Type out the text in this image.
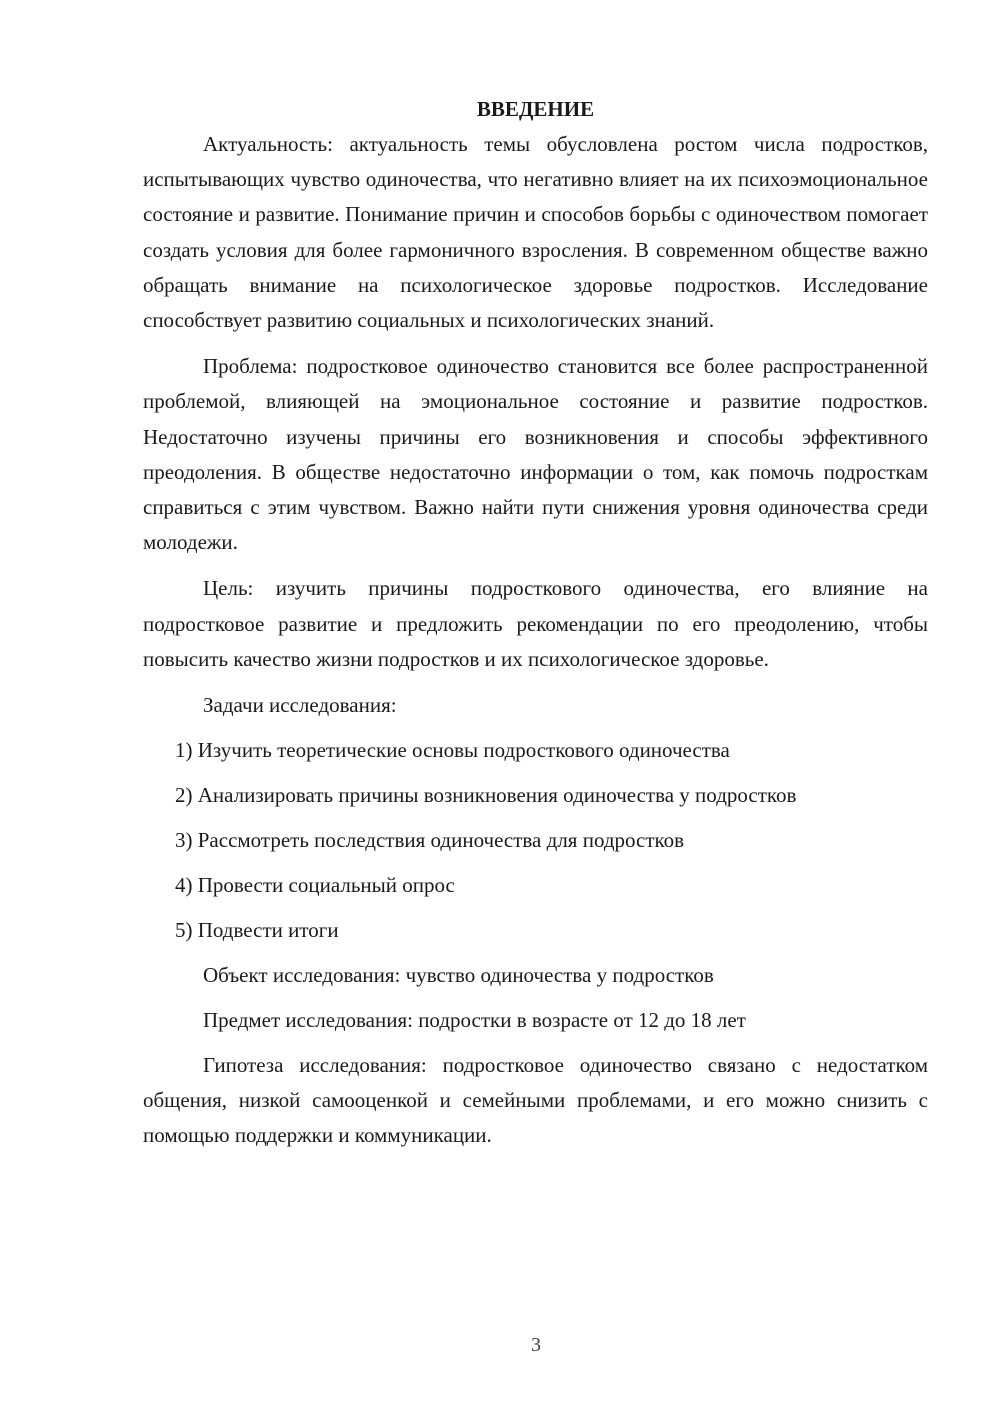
ВВЕДЕНИЕ

Актуальность: актуальность темы обусловлена ростом числа подростков, испытывающих чувство одиночества, что негативно влияет на их психоэмоциональное состояние и развитие. Понимание причин и способов борьбы с одиночеством помогает создать условия для более гармоничного взросления. В современном обществе важно обращать внимание на психологическое здоровье подростков. Исследование способствует развитию социальных и психологических знаний.

Проблема: подростковое одиночество становится все более распространенной проблемой, влияющей на эмоциональное состояние и развитие подростков. Недостаточно изучены причины его возникновения и способы эффективного преодоления. В обществе недостаточно информации о том, как помочь подросткам справиться с этим чувством. Важно найти пути снижения уровня одиночества среди молодежи.

Цель: изучить причины подросткового одиночества, его влияние на подростковое развитие и предложить рекомендации по его преодолению, чтобы повысить качество жизни подростков и их психологическое здоровье.

Задачи исследования:

1) Изучить теоретические основы подросткового одиночества

2) Анализировать причины возникновения одиночества у подростков

3) Рассмотреть последствия одиночества для подростков

4) Провести социальный опрос

5) Подвести итоги

Объект исследования: чувство одиночества у подростков

Предмет исследования: подростки в возрасте от 12 до 18 лет

Гипотеза исследования: подростковое одиночество связано с недостатком общения, низкой самооценкой и семейными проблемами, и его можно снизить с помощью поддержки и коммуникации.

3
